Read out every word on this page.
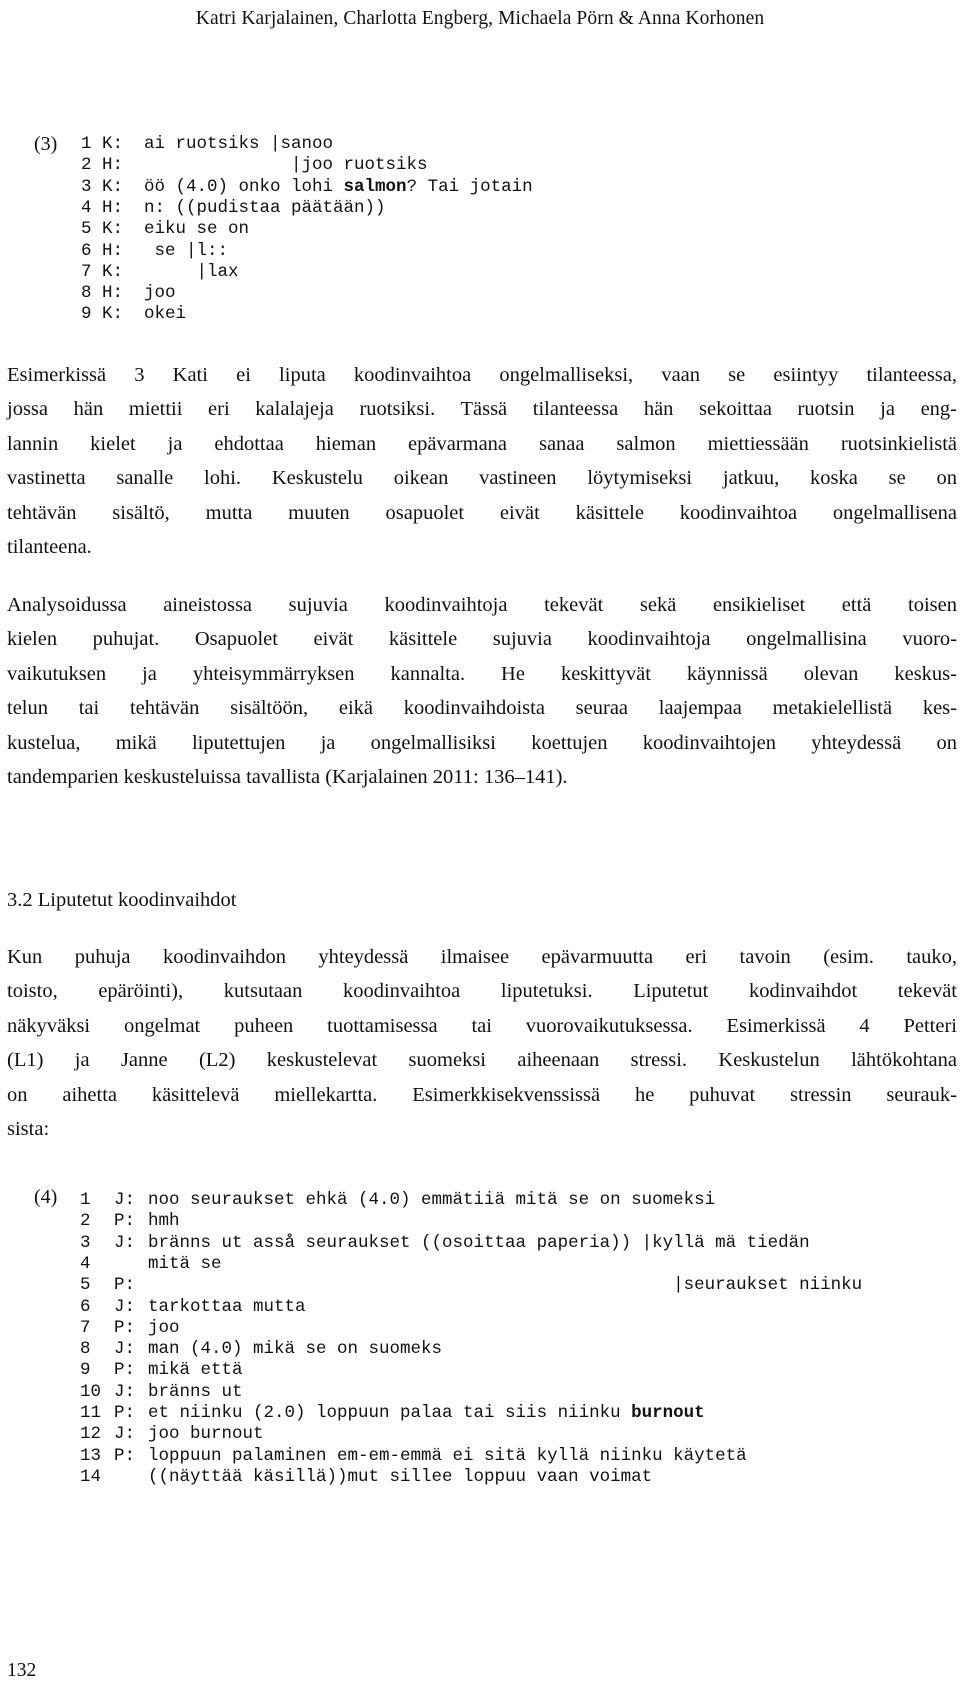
Katri Karjalainen, Charlotta Engberg, Michaela Pörn & Anna Korhonen
(3) 1 K: ai ruotsiks |sanoo
2 H:              |joo ruotsiks
3 K: öö (4.0) onko lohi salmon? Tai jotain
4 H: n: ((pudistaa päätään))
5 K: eiku se on
6 H: se |l::
7 K:     |lax
8 H: joo
9 K: okei
Esimerkissä 3 Kati ei liputa koodinvaihtoa ongelmalliseksi, vaan se esiintyy tilanteessa,
jossa hän miettii eri kalalajeja ruotsiksi. Tässä tilanteessa hän sekoittaa ruotsin ja eng-
lannin kielet ja ehdottaa hieman epävarmana sanaa salmon miettiessään ruotsinkielistä
vastinetta sanalle lohi. Keskustelu oikean vastineen löytymiseksi jatkuu, koska se on
tehtävän sisältö, mutta muuten osapuolet eivät käsittele koodinvaihtoa ongelmallisena
tilanteena.
Analysoidussa aineistossa sujuvia koodinvaihtoja tekevät sekä ensikieliset että toisen
kielen puhujat. Osapuolet eivät käsittele sujuvia koodinvaihtoja ongelmallisina vuoro-
vaikutuksen ja yhteisymmärryksen kannalta. He keskittyvät käynnissä olevan keskus-
telun tai tehtävän sisältöön, eikä koodinvaihdoista seuraa laajempaa metakielellistä kes-
kustelua, mikä liputettujen ja ongelmallisiksi koettujen koodinvaihtojen yhteydessä on
tandemparien keskusteluissa tavallista (Karjalainen 2011: 136–141).
3.2 Liputetut koodinvaihdot
Kun puhuja koodinvaihdon yhteydessä ilmaisee epävarmuutta eri tavoin (esim. tauko,
toisto, epäröinti), kutsutaan koodinvaihtoa liputetuksi. Liputetut kodinvaihdot tekevät
näkyväksi ongelmat puheen tuottamisessa tai vuorovaikutuksessa. Esimerkissä 4 Petteri
(L1) ja Janne (L2) keskustelevat suomeksi aiheenaan stressi. Keskustelun lähtökohtana
on aihetta käsittelevä miellekartta. Esimerkkisekvenssissä he puhuvat stressin seurauk-
sista:
(4) 1 J: noo seuraukset ehkä (4.0) emmätiiä mitä se on suomeksi
2 P: hmh
3 J: bränns ut asså seuraukset ((osoittaa paperia)) |kyllä mä tiedän
4	mitä se
5 P:                                                  |seuraukset niinku
6 J: tarkottaa mutta
7 P: joo
8 J: man (4.0) mikä se on suomeks
9 P: mikä että
10 J: bränns ut
11 P: et niinku (2.0) loppuun palaa tai siis niinku burnout
12 J: joo burnout
13 P: loppuun palaminen em-em-emmä ei sitä kyllä niinku käytetä
14	((näyttää käsillä))mut sillee loppuu vaan voimat
132
